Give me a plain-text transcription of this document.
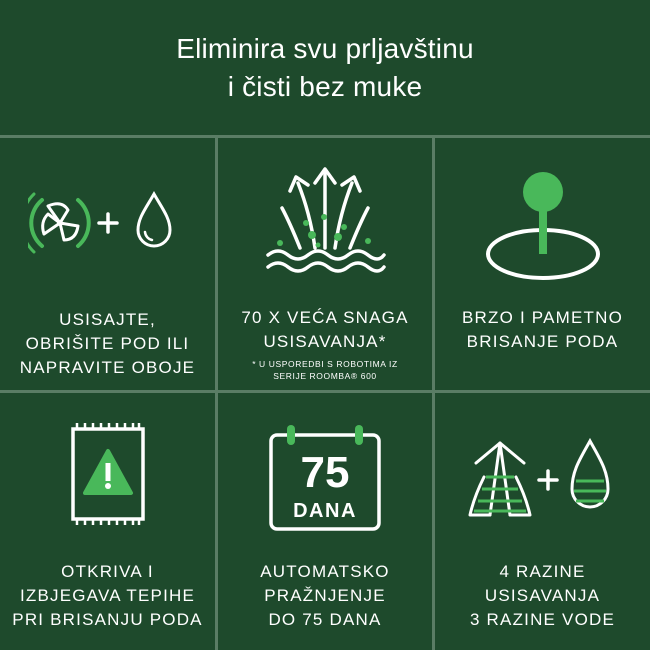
Eliminira svu prljavštinu
i čisti bez muke
USISAJTE,
OBRIŠITE POD ILI
NAPRAVITE OBOJE
70 X VEĆA SNAGA
USISAVANJA*
* U USPOREDBI S ROBOTIMA IZ
SERIJE ROOMBA® 600
BRZO I PAMETNO
BRISANJE PODA
OTKRIVA I
IZBJEGAVA TEPIHE
PRI BRISANJU PODA
75
DANA
AUTOMATSKO
PRAŽNJENJE
DO 75 DANA
4 RAZINE
USISAVANJA
3 RAZINE VODE
